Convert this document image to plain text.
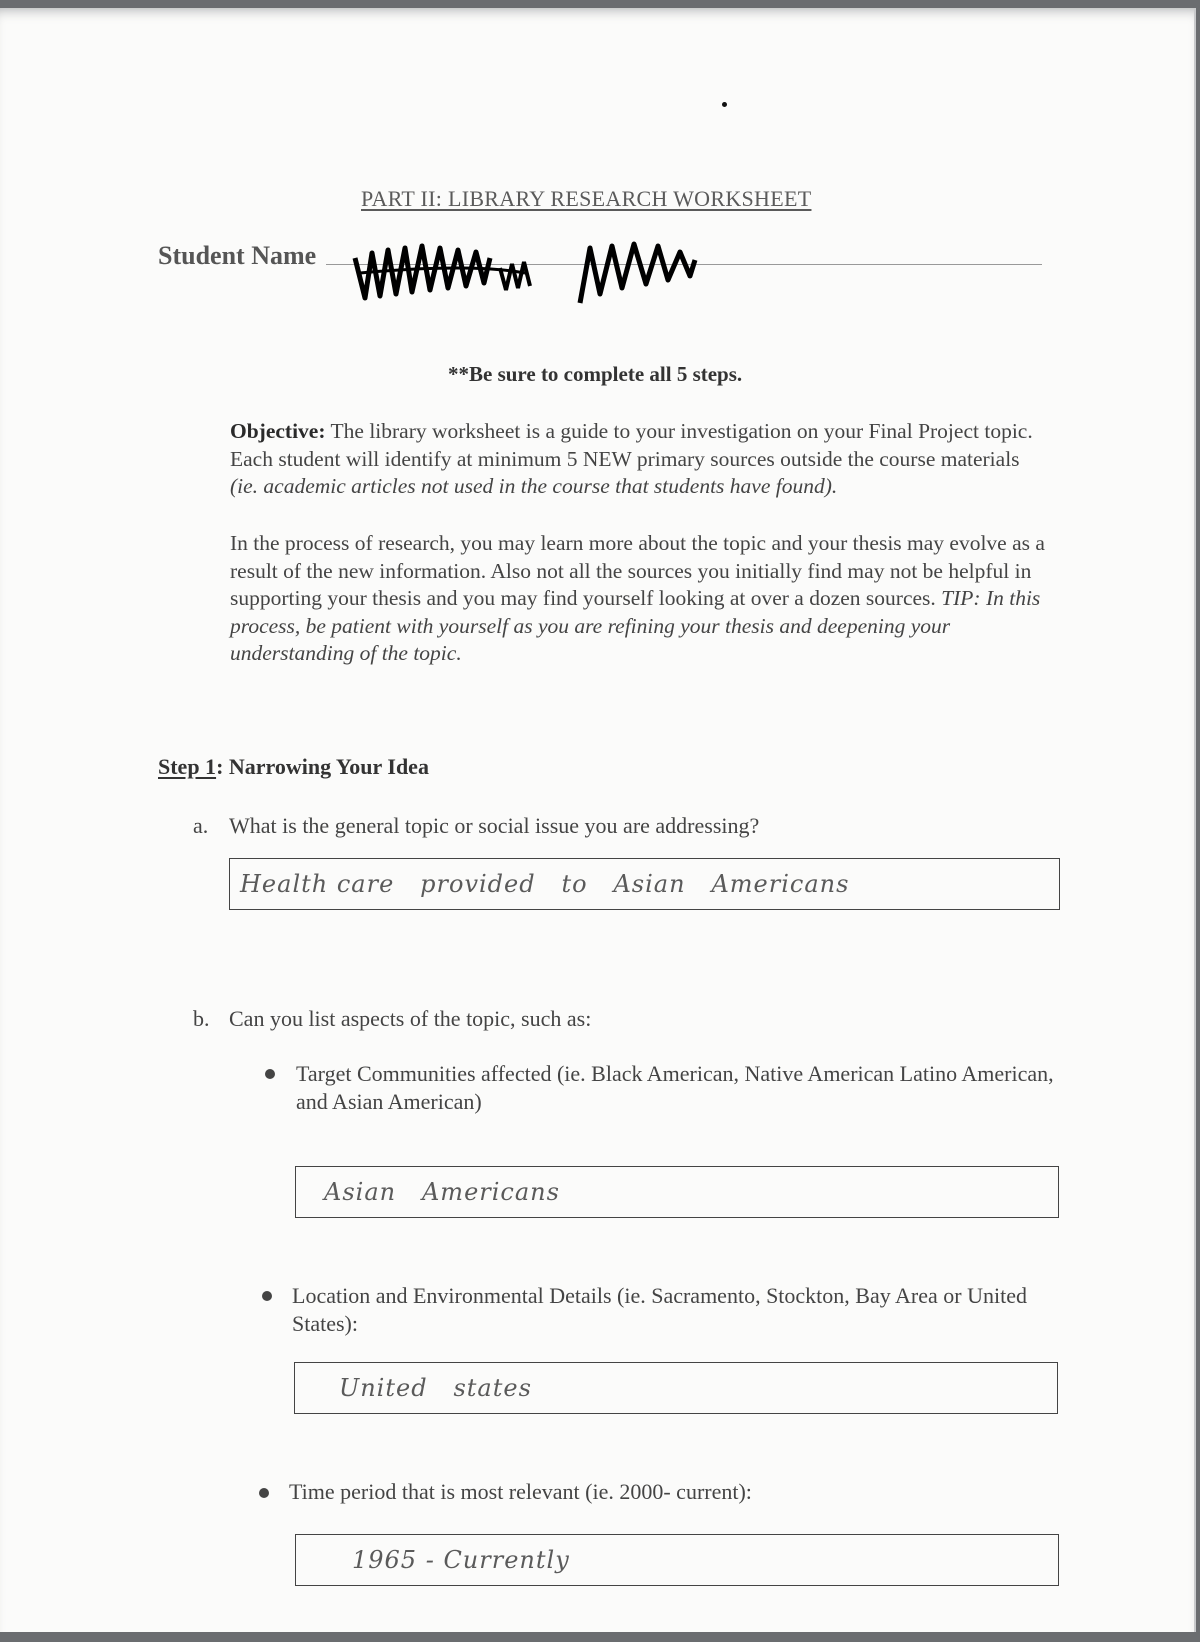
PART II: LIBRARY RESEARCH WORKSHEET
Student Name
**Be sure to complete all 5 steps.
Objective: The library worksheet is a guide to your investigation on your Final Project topic. Each student will identify at minimum 5 NEW primary sources outside the course materials (ie. academic articles not used in the course that students have found).
In the process of research, you may learn more about the topic and your thesis may evolve as a result of the new information. Also not all the sources you initially find may not be helpful in supporting your thesis and you may find yourself looking at over a dozen sources. TIP: In this process, be patient with yourself as you are refining your thesis and deepening your understanding of the topic.
Step 1: Narrowing Your Idea
a. What is the general topic or social issue you are addressing?
Health care   provided   to   Asian   Americans
b. Can you list aspects of the topic, such as:
Target Communities affected (ie. Black American, Native American Latino American, and Asian American)
Asian   Americans
Location and Environmental Details (ie. Sacramento, Stockton, Bay Area or United States):
United   states
Time period that is most relevant (ie. 2000- current):
1965 - Currently
